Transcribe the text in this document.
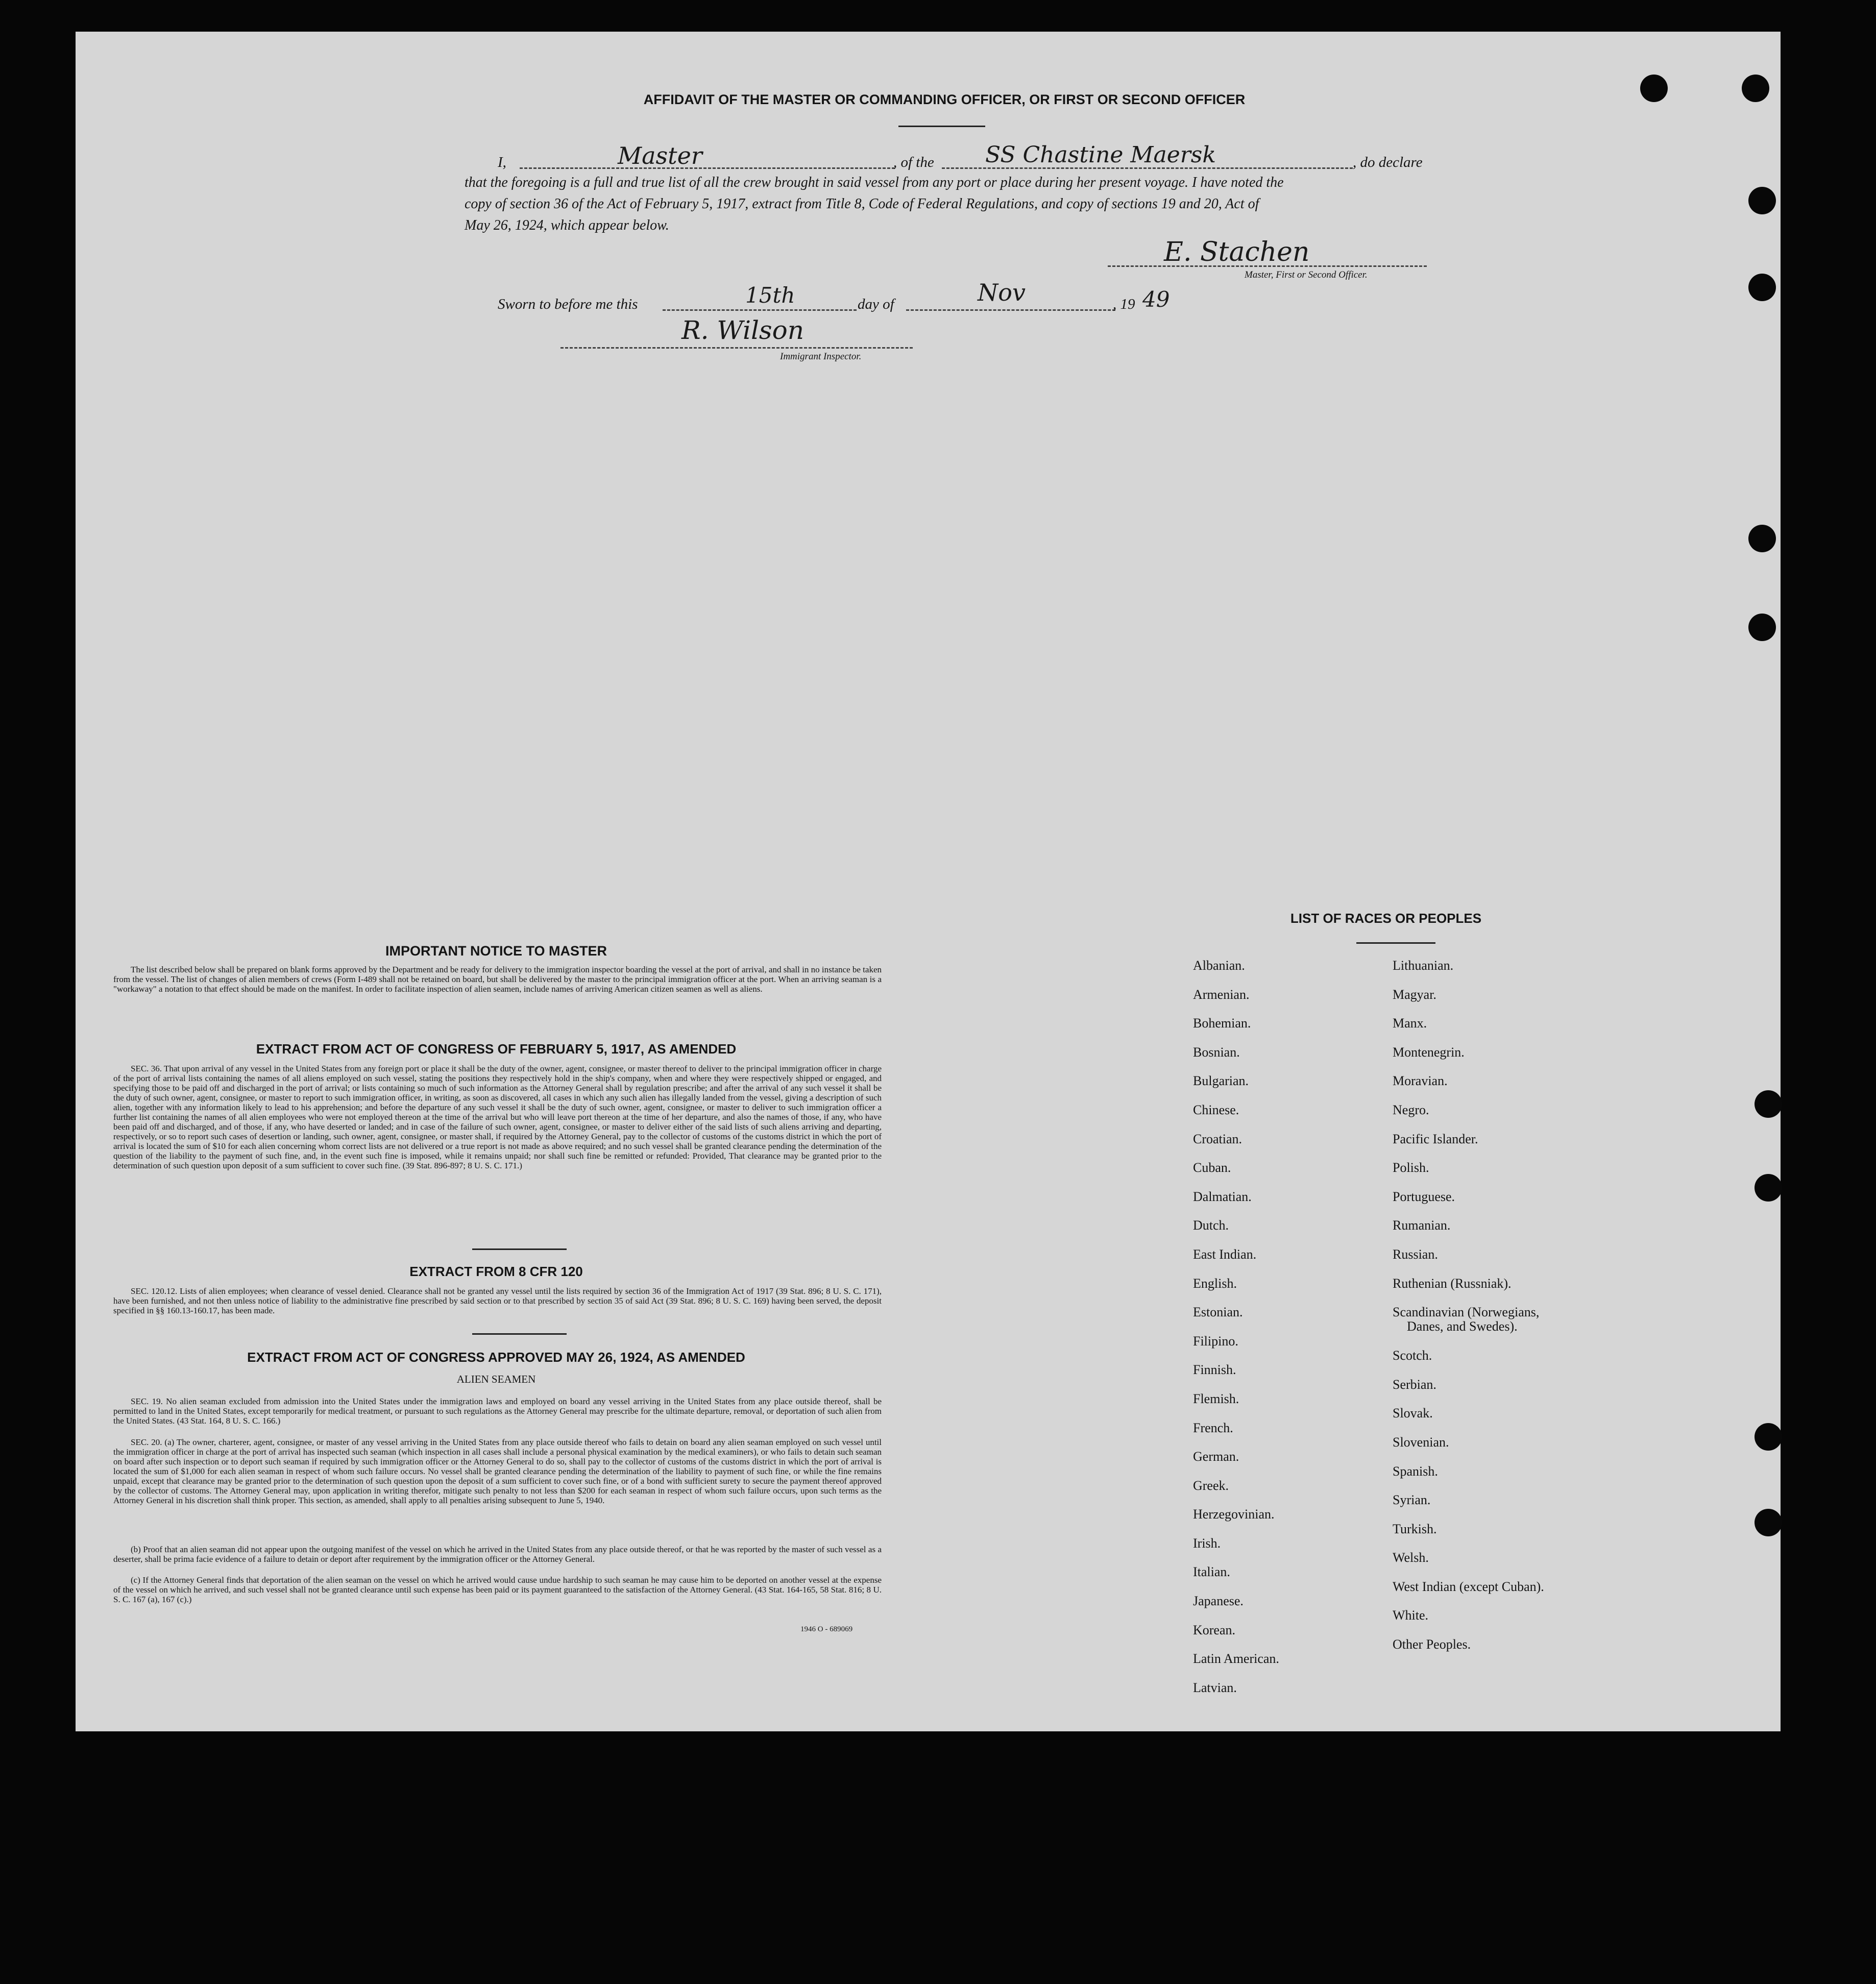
AFFIDAVIT OF THE MASTER OR COMMANDING OFFICER, OR FIRST OR SECOND OFFICER
I,	Master	, of the SS Chastine Maersk	, do declare
that the foregoing is a full and true list of all the crew brought in said vessel from any port or place during her present voyage. I have noted the
copy of section 36 of the Act of February 5, 1917, extract from Title 8, Code of Federal Regulations, and copy of sections 19 and 20, Act of
May 26, 1924, which appear below.
E. Stachen
Master, First or Second Officer.
Sworn to before me this	15th	day of	Nov	, 19 49
R. Wilson
Immigrant Inspector.
IMPORTANT NOTICE TO MASTER
The list described below shall be prepared on blank forms approved by the Department and be ready for delivery to the immigration inspector boarding the vessel at the port of arrival, and shall in no instance be taken from the vessel. The list of changes of alien members of crews (Form I-489 shall not be retained on board, but shall be delivered by the master to the principal immigration officer at the port. When an arriving seaman is a "workaway" a notation to that effect should be made on the manifest. In order to facilitate inspection of alien seamen, include names of arriving American citizen seamen as well as aliens.
EXTRACT FROM ACT OF CONGRESS OF FEBRUARY 5, 1917, AS AMENDED
SEC. 36. That upon arrival of any vessel in the United States from any foreign port or place it shall be the duty of the owner, agent, consignee, or master thereof to deliver to the principal immigration officer in charge of the port of arrival lists containing the names of all aliens employed on such vessel, stating the positions they respectively hold in the ship's company, when and where they were respectively shipped or engaged, and specifying those to be paid off and discharged in the port of arrival; or lists containing so much of such information as the Attorney General shall by regulation prescribe; and after the arrival of any such vessel it shall be the duty of such owner, agent, consignee, or master to report to such immigration officer, in writing, as soon as discovered, all cases in which any such alien has illegally landed from the vessel, giving a description of such alien, together with any information likely to lead to his apprehension; and before the departure of any such vessel it shall be the duty of such owner, agent, consignee, or master to deliver to such immigration officer a further list containing the names of all alien employees who were not employed thereon at the time of the arrival but who will leave port thereon at the time of her departure, and also the names of those, if any, who have been paid off and discharged, and of those, if any, who have deserted or landed; and in case of the failure of such owner, agent, consignee, or master to deliver either of the said lists of such aliens arriving and departing, respectively, or so to report such cases of desertion or landing, such owner, agent, consignee, or master shall, if required by the Attorney General, pay to the collector of customs of the customs district in which the port of arrival is located the sum of $10 for each alien concerning whom correct lists are not delivered or a true report is not made as above required; and no such vessel shall be granted clearance pending the determination of the question of the liability to the payment of such fine, and, in the event such fine is imposed, while it remains unpaid; nor shall such fine be remitted or refunded: Provided, That clearance may be granted prior to the determination of such question upon deposit of a sum sufficient to cover such fine. (39 Stat. 896-897; 8 U. S. C. 171.)
EXTRACT FROM 8 CFR 120
SEC. 120.12. Lists of alien employees; when clearance of vessel denied. Clearance shall not be granted any vessel until the lists required by section 36 of the Immigration Act of 1917 (39 Stat. 896; 8 U. S. C. 171), have been furnished, and not then unless notice of liability to the administrative fine prescribed by said section or to that prescribed by section 35 of said Act (39 Stat. 896; 8 U. S. C. 169) having been served, the deposit specified in §§ 160.13-160.17, has been made.
EXTRACT FROM ACT OF CONGRESS APPROVED MAY 26, 1924, AS AMENDED
ALIEN SEAMEN
SEC. 19. No alien seaman excluded from admission into the United States under the immigration laws and employed on board any vessel arriving in the United States from any place outside thereof, shall be permitted to land in the United States, except temporarily for medical treatment, or pursuant to such regulations as the Attorney General may prescribe for the ultimate departure, removal, or deportation of such alien from the United States. (43 Stat. 164, 8 U. S. C. 166.)
SEC. 20. (a) The owner, charterer, agent, consignee, or master of any vessel arriving in the United States from any place outside thereof who fails to detain on board any alien seaman employed on such vessel until the immigration officer in charge at the port of arrival has inspected such seaman (which inspection in all cases shall include a personal physical examination by the medical examiners), or who fails to detain such seaman on board after such inspection or to deport such seaman if required by such immigration officer or the Attorney General to do so, shall pay to the collector of customs of the customs district in which the port of arrival is located the sum of $1,000 for each alien seaman in respect of whom such failure occurs. No vessel shall be granted clearance pending the determination of the liability to payment of such fine, or while the fine remains unpaid, except that clearance may be granted prior to the determination of such question upon the deposit of a sum sufficient to cover such fine, or of a bond with sufficient surety to secure the payment thereof approved by the collector of customs. The Attorney General may, upon application in writing therefor, mitigate such penalty to not less than $200 for each seaman in respect of whom such failure occurs, upon such terms as the Attorney General in his discretion shall think proper. This section, as amended, shall apply to all penalties arising subsequent to June 5, 1940.
(b) Proof that an alien seaman did not appear upon the outgoing manifest of the vessel on which he arrived in the United States from any place outside thereof, or that he was reported by the master of such vessel as a deserter, shall be prima facie evidence of a failure to detain or deport after requirement by the immigration officer or the Attorney General.
(c) If the Attorney General finds that deportation of the alien seaman on the vessel on which he arrived would cause undue hardship to such seaman he may cause him to be deported on another vessel at the expense of the vessel on which he arrived, and such vessel shall not be granted clearance until such expense has been paid or its payment guaranteed to the satisfaction of the Attorney General. (43 Stat. 164-165, 58 Stat. 816; 8 U. S. C. 167 (a), 167 (c).)
1946 O - 689069
LIST OF RACES OR PEOPLES
Albanian.
Armenian.
Bohemian.
Bosnian.
Bulgarian.
Chinese.
Croatian.
Cuban.
Dalmatian.
Dutch.
East Indian.
English.
Estonian.
Filipino.
Finnish.
Flemish.
French.
German.
Greek.
Herzegovinian.
Irish.
Italian.
Japanese.
Korean.
Latin American.
Latvian.
Lithuanian.
Magyar.
Manx.
Montenegrin.
Moravian.
Negro.
Pacific Islander.
Polish.
Portuguese.
Rumanian.
Russian.
Ruthenian (Russniak).
Scandinavian (Norwegians,
Danes, and Swedes).
Scotch.
Serbian.
Slovak.
Slovenian.
Spanish.
Syrian.
Turkish.
Welsh.
West Indian (except Cuban).
White.
Other Peoples.
